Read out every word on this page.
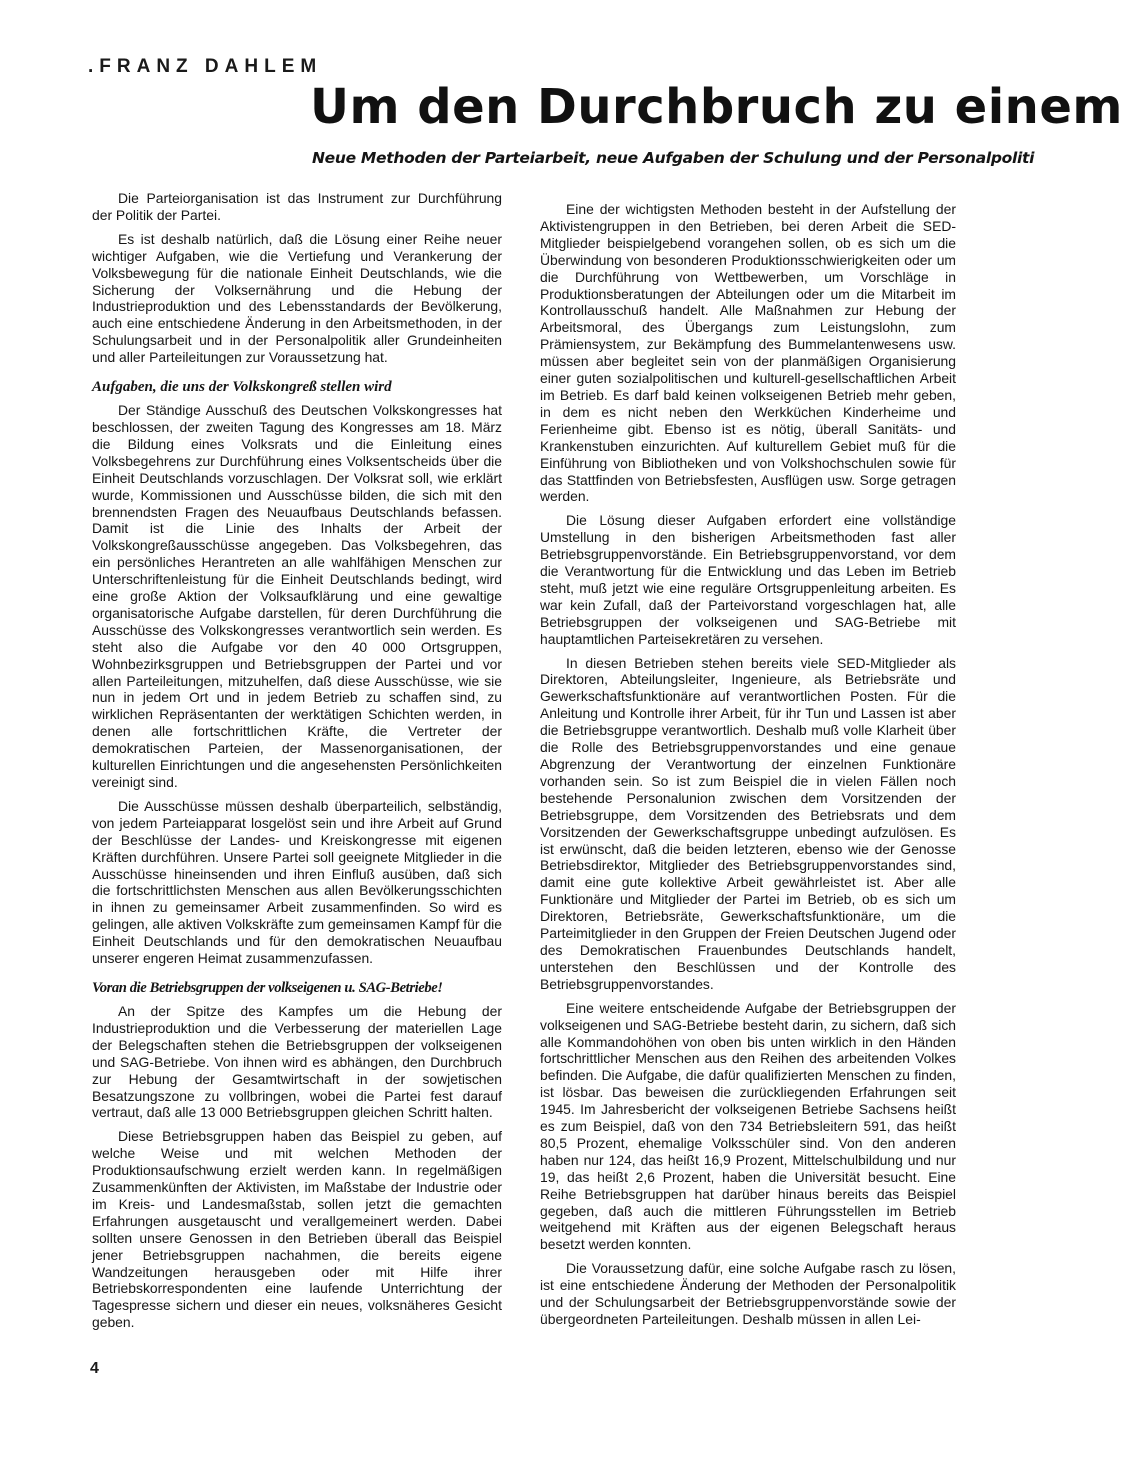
.FRANZ DAHLEM
Um den Durchbruch zu einem
Neue Methoden der Parteiarbeit, neue Aufgaben der Schulung und der Personalpoliti

Die Parteiorganisation ist das Instrument zur Durchführung der Politik der Partei.

Es ist deshalb natürlich, daß die Lösung einer Reihe neuer wichtiger Aufgaben, wie die Vertiefung und Verankerung der Volksbewegung für die nationale Einheit Deutschlands, wie die Sicherung der Volksernährung und die Hebung der Industrieproduktion und des Lebensstandards der Bevölkerung, auch eine entschiedene Änderung in den Arbeitsmethoden, in der Schulungsarbeit und in der Personalpolitik aller Grundeinheiten und aller Parteileitungen zur Voraussetzung hat.

Aufgaben, die uns der Volkskongreß stellen wird

Der Ständige Ausschuß des Deutschen Volkskongresses hat beschlossen, der zweiten Tagung des Kongresses am 18. März die Bildung eines Volksrats und die Einleitung eines Volksbegehrens zur Durchführung eines Volksentscheids über die Einheit Deutschlands vorzuschlagen. Der Volksrat soll, wie erklärt wurde, Kommissionen und Ausschüsse bilden, die sich mit den brennendsten Fragen des Neuaufbaus Deutschlands befassen. Damit ist die Linie des Inhalts der Arbeit der Volkskongreßausschüsse angegeben. Das Volksbegehren, das ein persönliches Herantreten an alle wahlfähigen Menschen zur Unterschriftenleistung für die Einheit Deutschlands bedingt, wird eine große Aktion der Volksaufklärung und eine gewaltige organisatorische Aufgabe darstellen, für deren Durchführung die Ausschüsse des Volkskongresses verantwortlich sein werden. Es steht also die Aufgabe vor den 40 000 Ortsgruppen, Wohnbezirksgruppen und Betriebsgruppen der Partei und vor allen Parteileitungen, mitzuhelfen, daß diese Ausschüsse, wie sie nun in jedem Ort und in jedem Betrieb zu schaffen sind, zu wirklichen Repräsentanten der werktätigen Schichten werden, in denen alle fortschrittlichen Kräfte, die Vertreter der demokratischen Parteien, der Massenorganisationen, der kulturellen Einrichtungen und die angesehensten Persönlichkeiten vereinigt sind.

Die Ausschüsse müssen deshalb überparteilich, selbständig, von jedem Parteiapparat losgelöst sein und ihre Arbeit auf Grund der Beschlüsse der Landes- und Kreiskongresse mit eigenen Kräften durchführen. Unsere Partei soll geeignete Mitglieder in die Ausschüsse hineinsenden und ihren Einfluß ausüben, daß sich die fortschrittlichsten Menschen aus allen Bevölkerungsschichten in ihnen zu gemeinsamer Arbeit zusammenfinden. So wird es gelingen, alle aktiven Volkskräfte zum gemeinsamen Kampf für die Einheit Deutschlands und für den demokratischen Neuaufbau unserer engeren Heimat zusammenzufassen.

Voran die Betriebsgruppen der volkseigenen u. SAG-Betriebe!

An der Spitze des Kampfes um die Hebung der Industrieproduktion und die Verbesserung der materiellen Lage der Belegschaften stehen die Betriebsgruppen der volkseigenen und SAG-Betriebe. Von ihnen wird es abhängen, den Durchbruch zur Hebung der Gesamtwirtschaft in der sowjetischen Besatzungszone zu vollbringen, wobei die Partei fest darauf vertraut, daß alle 13 000 Betriebsgruppen gleichen Schritt halten.

Diese Betriebsgruppen haben das Beispiel zu geben, auf welche Weise und mit welchen Methoden der Produktionsaufschwung erzielt werden kann. In regelmäßigen Zusammenkünften der Aktivisten, im Maßstabe der Industrie oder im Kreis- und Landesmaßstab, sollen jetzt die gemachten Erfahrungen ausgetauscht und verallgemeinert werden. Dabei sollten unsere Genossen in den Betrieben überall das Beispiel jener Betriebsgruppen nachahmen, die bereits eigene Wandzeitungen herausgeben oder mit Hilfe ihrer Betriebskorrespondenten eine laufende Unterrichtung der Tagespresse sichern und dieser ein neues, volksnäheres Gesicht geben.

Eine der wichtigsten Methoden besteht in der Aufstellung der Aktivistengruppen in den Betrieben, bei deren Arbeit die SED-Mitglieder beispielgebend vorangehen sollen, ob es sich um die Überwindung von besonderen Produktionsschwierigkeiten oder um die Durchführung von Wettbewerben, um Vorschläge in Produktionsberatungen der Abteilungen oder um die Mitarbeit im Kontrollausschuß handelt. Alle Maßnahmen zur Hebung der Arbeitsmoral, des Übergangs zum Leistungslohn, zum Prämiensystem, zur Bekämpfung des Bummelantenwesens usw. müssen aber begleitet sein von der planmäßigen Organisierung einer guten sozialpolitischen und kulturell-gesellschaftlichen Arbeit im Betrieb. Es darf bald keinen volkseigenen Betrieb mehr geben, in dem es nicht neben den Werkküchen Kinderheime und Ferienheime gibt. Ebenso ist es nötig, überall Sanitäts- und Krankenstuben einzurichten. Auf kulturellem Gebiet muß für die Einführung von Bibliotheken und von Volkshochschulen sowie für das Stattfinden von Betriebsfesten, Ausflügen usw. Sorge getragen werden.

Die Lösung dieser Aufgaben erfordert eine vollständige Umstellung in den bisherigen Arbeitsmethoden fast aller Betriebsgruppenvorstände. Ein Betriebsgruppenvorstand, vor dem die Verantwortung für die Entwicklung und das Leben im Betrieb steht, muß jetzt wie eine reguläre Ortsgruppenleitung arbeiten. Es war kein Zufall, daß der Parteivorstand vorgeschlagen hat, alle Betriebsgruppen der volkseigenen und SAG-Betriebe mit hauptamtlichen Parteisekretären zu versehen.

In diesen Betrieben stehen bereits viele SED-Mitglieder als Direktoren, Abteilungsleiter, Ingenieure, als Betriebsräte und Gewerkschaftsfunktionäre auf verantwortlichen Posten. Für die Anleitung und Kontrolle ihrer Arbeit, für ihr Tun und Lassen ist aber die Betriebsgruppe verantwortlich. Deshalb muß volle Klarheit über die Rolle des Betriebsgruppenvorstandes und eine genaue Abgrenzung der Verantwortung der einzelnen Funktionäre vorhanden sein. So ist zum Beispiel die in vielen Fällen noch bestehende Personalunion zwischen dem Vorsitzenden der Betriebsgruppe, dem Vorsitzenden des Betriebsrats und dem Vorsitzenden der Gewerkschaftsgruppe unbedingt aufzulösen. Es ist erwünscht, daß die beiden letzteren, ebenso wie der Genosse Betriebsdirektor, Mitglieder des Betriebsgruppenvorstandes sind, damit eine gute kollektive Arbeit gewährleistet ist. Aber alle Funktionäre und Mitglieder der Partei im Betrieb, ob es sich um Direktoren, Betriebsräte, Gewerkschaftsfunktionäre, um die Parteimitglieder in den Gruppen der Freien Deutschen Jugend oder des Demokratischen Frauenbundes Deutschlands handelt, unterstehen den Beschlüssen und der Kontrolle des Betriebsgruppenvorstandes.

Eine weitere entscheidende Aufgabe der Betriebsgruppen der volkseigenen und SAG-Betriebe besteht darin, zu sichern, daß sich alle Kommandohöhen von oben bis unten wirklich in den Händen fortschrittlicher Menschen aus den Reihen des arbeitenden Volkes befinden. Die Aufgabe, die dafür qualifizierten Menschen zu finden, ist lösbar. Das beweisen die zurückliegenden Erfahrungen seit 1945. Im Jahresbericht der volkseigenen Betriebe Sachsens heißt es zum Beispiel, daß von den 734 Betriebsleitern 591, das heißt 80,5 Prozent, ehemalige Volksschüler sind. Von den anderen haben nur 124, das heißt 16,9 Prozent, Mittelschulbildung und nur 19, das heißt 2,6 Prozent, haben die Universität besucht. Eine Reihe Betriebsgruppen hat darüber hinaus bereits das Beispiel gegeben, daß auch die mittleren Führungsstellen im Betrieb weitgehend mit Kräften aus der eigenen Belegschaft heraus besetzt werden konnten.

Die Voraussetzung dafür, eine solche Aufgabe rasch zu lösen, ist eine entschiedene Änderung der Methoden der Personalpolitik und der Schulungsarbeit der Betriebsgruppenvorstände sowie der übergeordneten Parteileitungen. Deshalb müssen in allen Lei-

4
